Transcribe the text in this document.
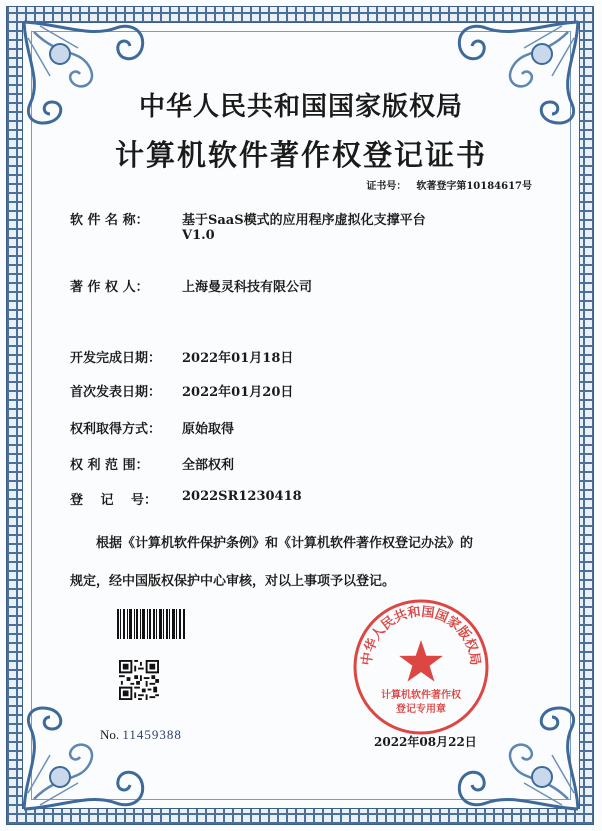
中华人民共和国国家版权局
计算机软件著作权登记证书
证书号： 软著登字第10184617号
软 件 名 称：	基于SaaS模式的应用程序虚拟化支撑平台
V1.0
著 作 权 人：	上海曼灵科技有限公司
开发完成日期： 2022年01月18日
首次发表日期： 2022年01月20日
权利取得方式： 原始取得
权 利 范 围：	全部权利
登　 记　 号： 2022SR1230418
根据《计算机软件保护条例》和《计算机软件著作权登记办法》的
规定，经中国版权保护中心审核，对以上事项予以登记。
No. 11459388
中华人民共和国国家版权局
计算机软件著作权
登记专用章
2022年08月22日
